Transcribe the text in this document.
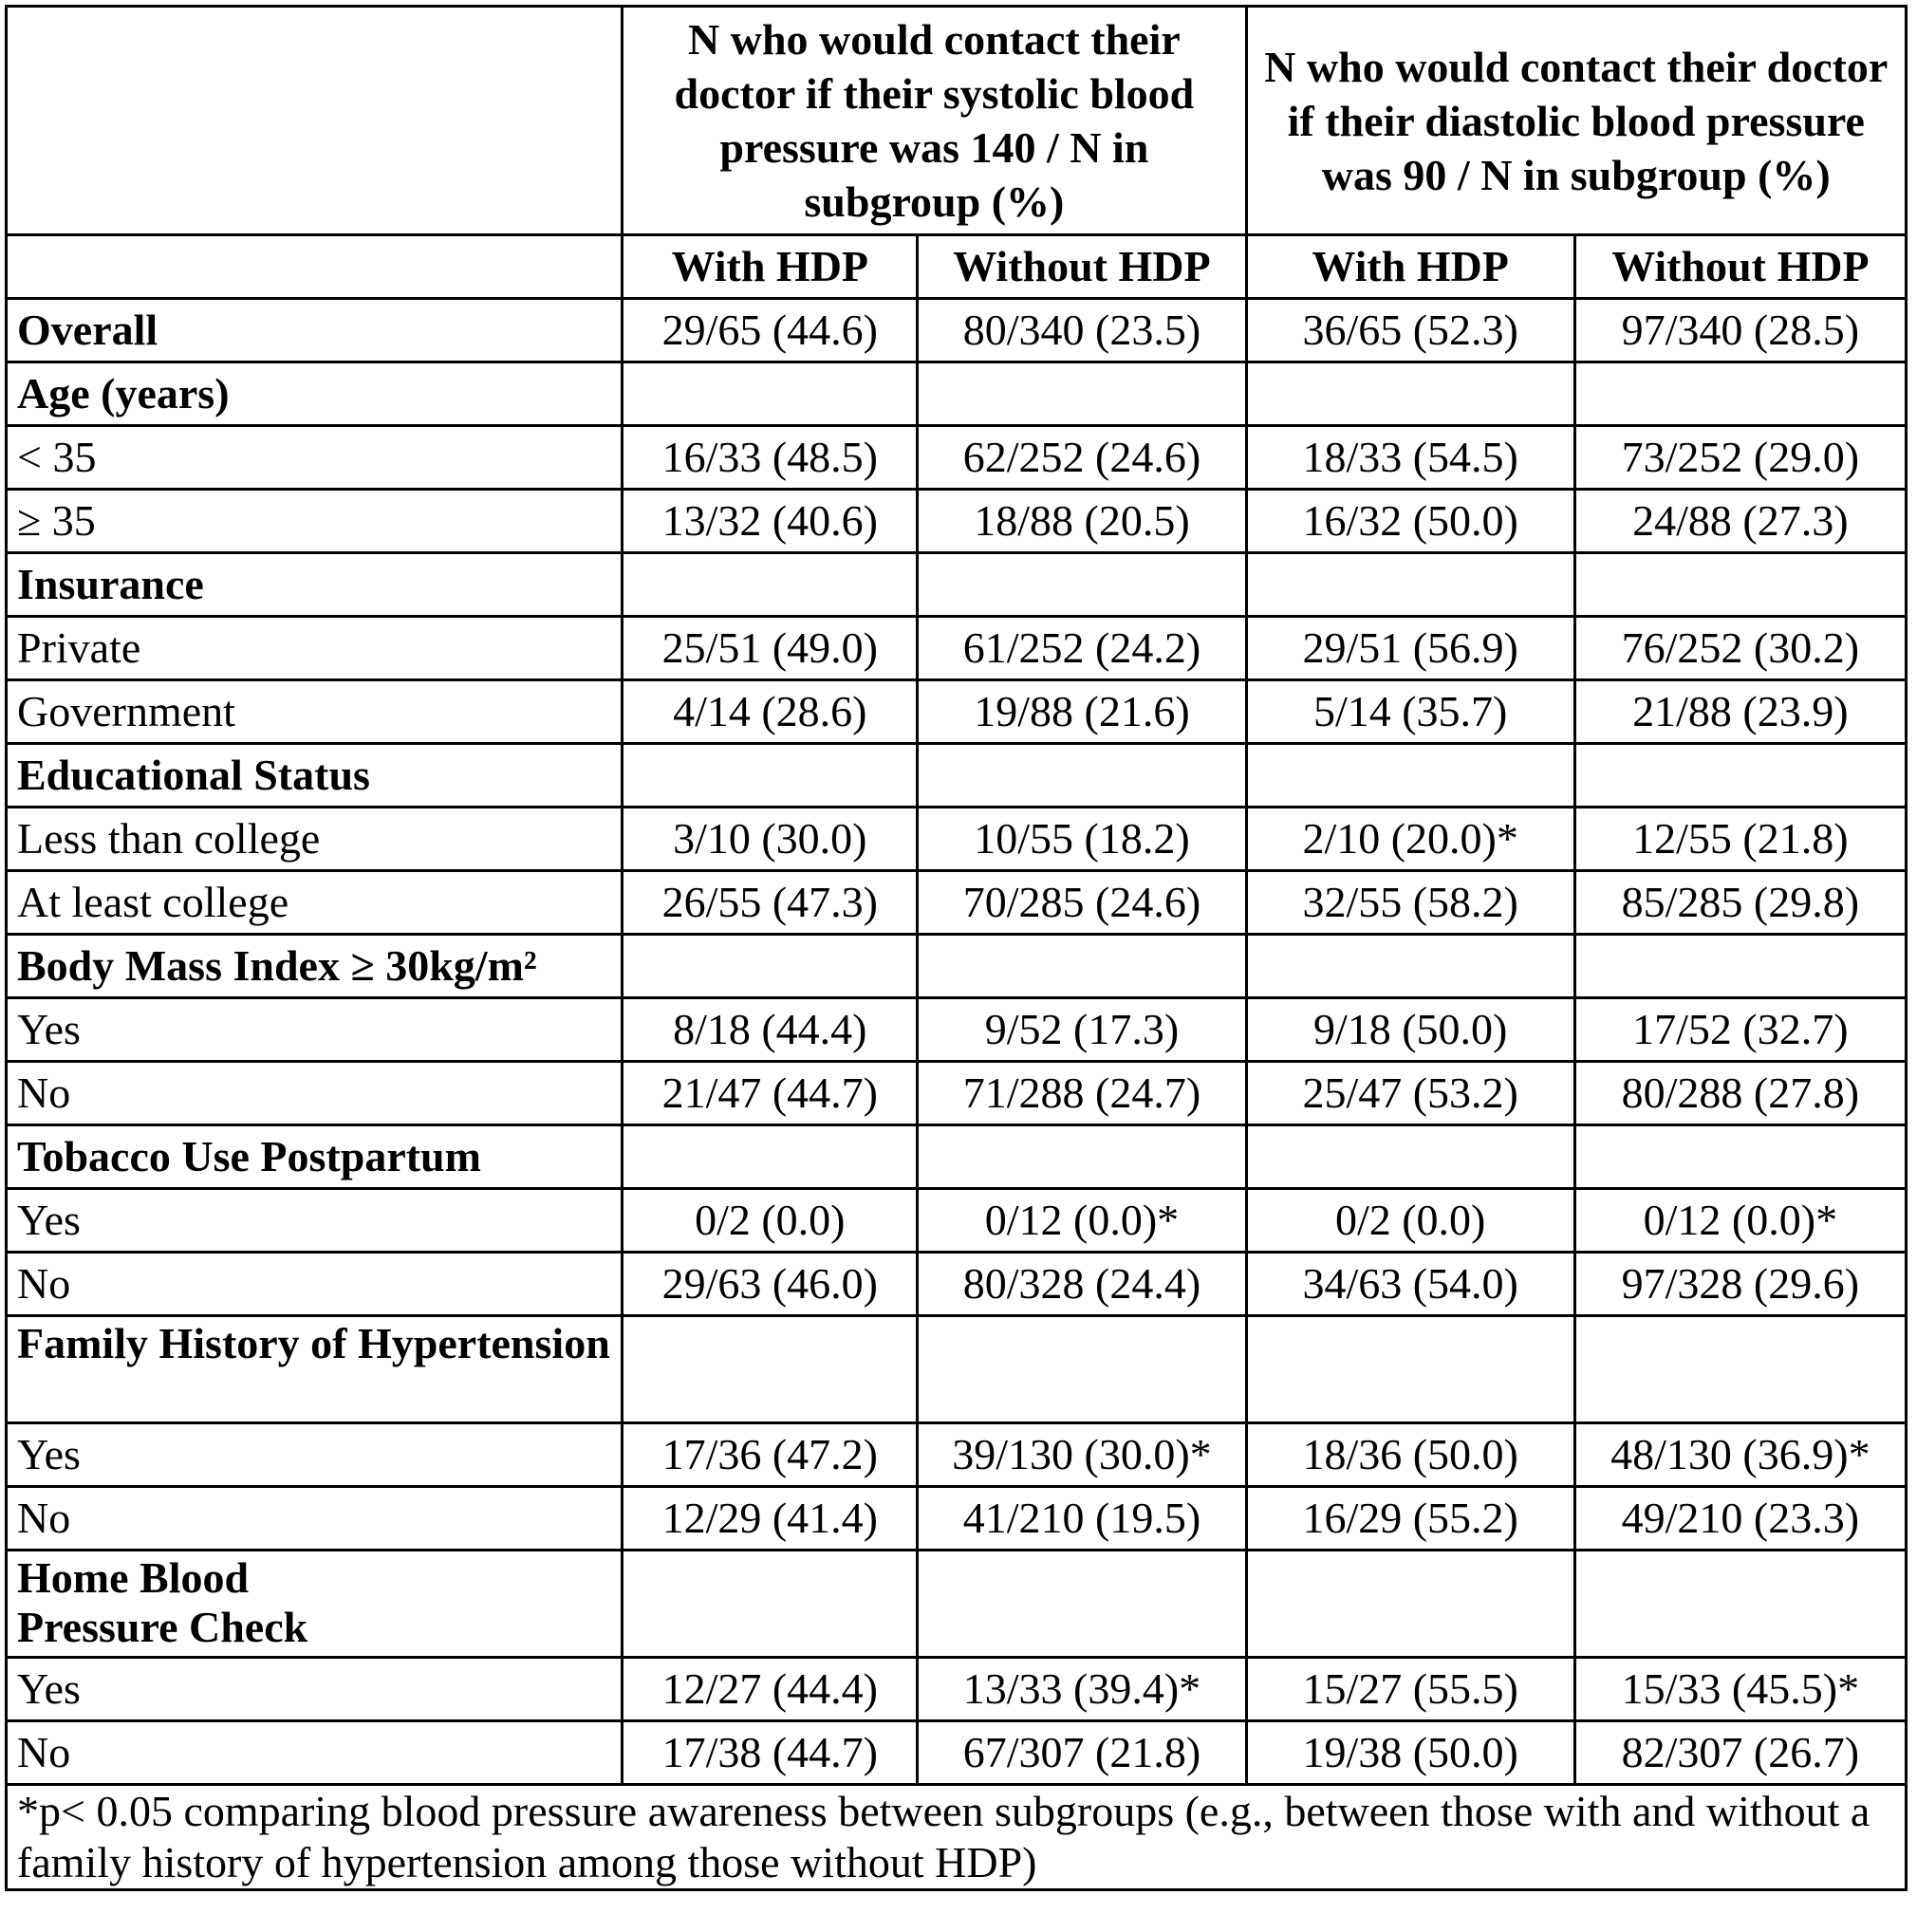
	N who would contact their doctor if their systolic blood pressure was 140 / N in subgroup (%)		N who would contact their doctor if their diastolic blood pressure was 90 / N in subgroup (%)	
	With HDP	Without HDP	With HDP	Without HDP
Overall	29/65 (44.6)	80/340 (23.5)	36/65 (52.3)	97/340 (28.5)
Age (years)				
< 35	16/33 (48.5)	62/252 (24.6)	18/33 (54.5)	73/252 (29.0)
≥ 35	13/32 (40.6)	18/88 (20.5)	16/32 (50.0)	24/88 (27.3)
Insurance				
Private	25/51 (49.0)	61/252 (24.2)	29/51 (56.9)	76/252 (30.2)
Government	4/14 (28.6)	19/88 (21.6)	5/14 (35.7)	21/88 (23.9)
Educational Status				
Less than college	3/10 (30.0)	10/55 (18.2)	2/10 (20.0)*	12/55 (21.8)
At least college	26/55 (47.3)	70/285 (24.6)	32/55 (58.2)	85/285 (29.8)
Body Mass Index ≥ 30kg/m²				
Yes	8/18 (44.4)	9/52 (17.3)	9/18 (50.0)	17/52 (32.7)
No	21/47 (44.7)	71/288 (24.7)	25/47 (53.2)	80/288 (27.8)
Tobacco Use Postpartum				
Yes	0/2 (0.0)	0/12 (0.0)*	0/2 (0.0)	0/12 (0.0)*
No	29/63 (46.0)	80/328 (24.4)	34/63 (54.0)	97/328 (29.6)
Family History of Hypertension				
Yes	17/36 (47.2)	39/130 (30.0)*	18/36 (50.0)	48/130 (36.9)*
No	12/29 (41.4)	41/210 (19.5)	16/29 (55.2)	49/210 (23.3)
Home Blood Pressure Check				
Yes	12/27 (44.4)	13/33 (39.4)*	15/27 (55.5)	15/33 (45.5)*
No	17/38 (44.7)	67/307 (21.8)	19/38 (50.0)	82/307 (26.7)
*p< 0.05 comparing blood pressure awareness between subgroups (e.g., between those with and without a family history of hypertension among those without HDP)				
